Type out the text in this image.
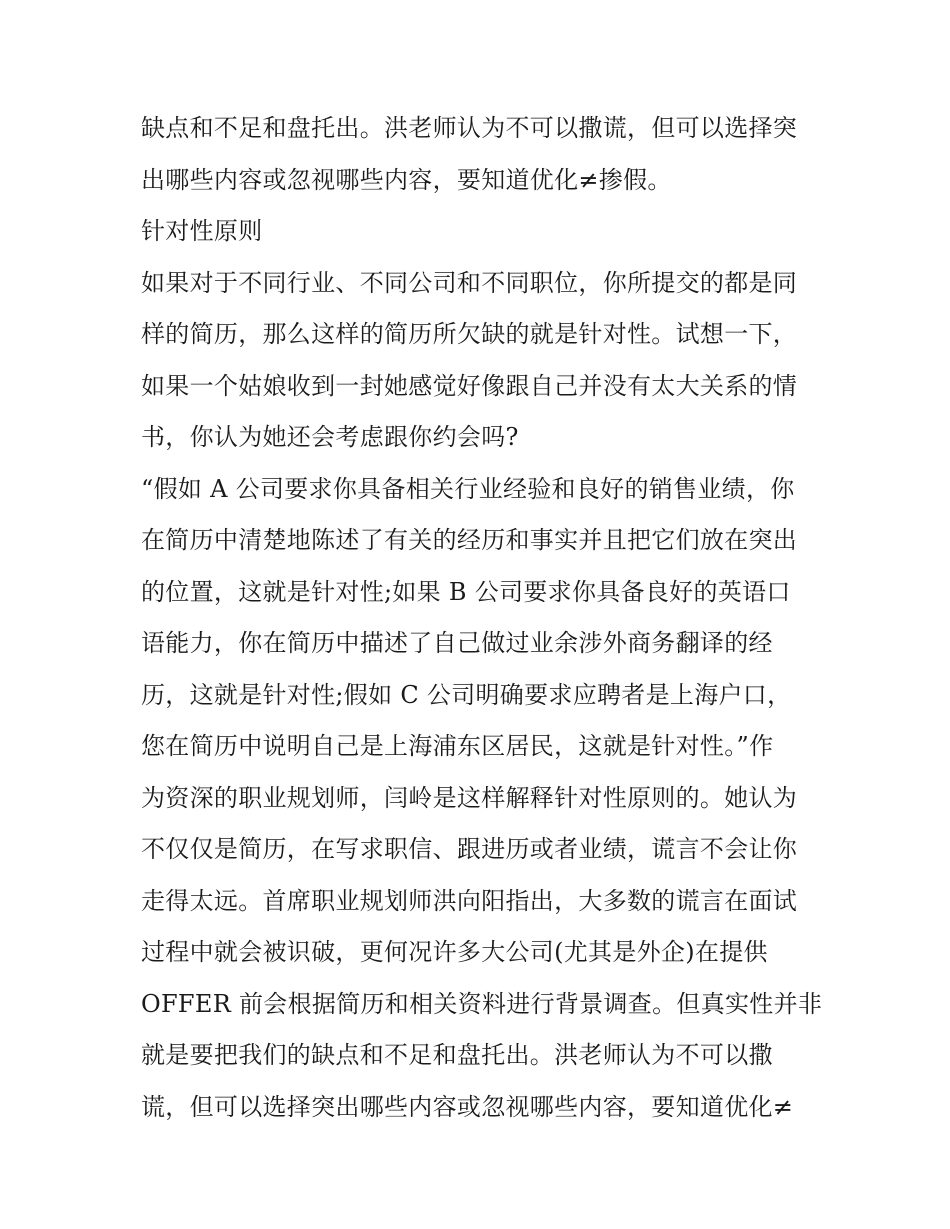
缺点和不足和盘托出。洪老师认为不可以撒谎，但可以选择突
出哪些内容或忽视哪些内容，要知道优化≠掺假。
针对性原则
如果对于不同行业、不同公司和不同职位，你所提交的都是同
样的简历，那么这样的简历所欠缺的就是针对性。试想一下，
如果一个姑娘收到一封她感觉好像跟自己并没有太大关系的情
书，你认为她还会考虑跟你约会吗?
“假如 A 公司要求你具备相关行业经验和良好的销售业绩，你
在简历中清楚地陈述了有关的经历和事实并且把它们放在突出
的位置，这就是针对性;如果 B 公司要求你具备良好的英语口
语能力，你在简历中描述了自己做过业余涉外商务翻译的经
历，这就是针对性;假如 C 公司明确要求应聘者是上海户口，
您在简历中说明自己是上海浦东区居民，这就是针对性。”作
为资深的职业规划师，闫岭是这样解释针对性原则的。她认为
不仅仅是简历，在写求职信、跟进历或者业绩，谎言不会让你
走得太远。首席职业规划师洪向阳指出，大多数的谎言在面试
过程中就会被识破，更何况许多大公司(尤其是外企)在提供
OFFER 前会根据简历和相关资料进行背景调查。但真实性并非
就是要把我们的缺点和不足和盘托出。洪老师认为不可以撒
谎，但可以选择突出哪些内容或忽视哪些内容，要知道优化≠
